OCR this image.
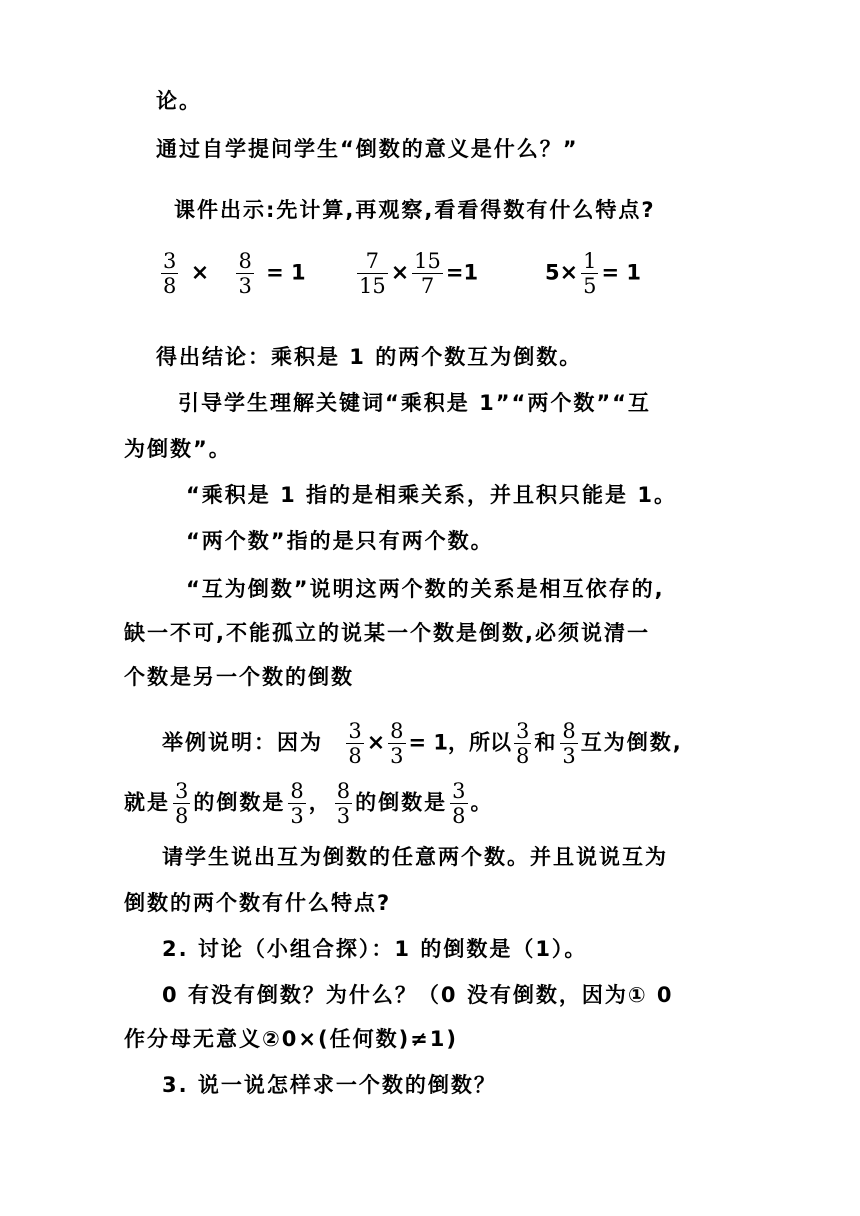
论。
通过自学提问学生“倒数的意义是什么？”
课件出示:先计算,再观察,看看得数有什么特点?
$\frac{3}{8} \times \frac{8}{3} = 1 \frac{7}{15} \times \frac{15}{7} =1$	$5\times \frac{1}{5} = 1$
得出结论：乘积是 1 的两个数互为倒数。
引导学生理解关键词“乘积是 1”“两个数”“互
为倒数”。
“乘积是 1 指的是相乘关系，并且积只能是 1。
“两个数”指的是只有两个数。
“互为倒数”说明这两个数的关系是相互依存的,
缺一不可,不能孤立的说某一个数是倒数,必须说清一
个数是另一个数的倒数
举例说明：因为 $\frac{3}{8} \times \frac{8}{3} = 1$，所以 $\frac{3}{8}$ 和 $\frac{8}{3}$ 互为倒数,
就是 $\frac{3}{8}$ 的倒数是 $\frac{8}{3}$ ， $\frac{8}{3}$ 的倒数是 $\frac{3}{8}$ 。
请学生说出互为倒数的任意两个数。并且说说互为
倒数的两个数有什么特点?
2. 讨论（小组合探）：1 的倒数是（1）。
0 有没有倒数？为什么？（0 没有倒数，因为① 0
作分母无意义②0×(任何数)≠1)
3. 说一说怎样求一个数的倒数？
